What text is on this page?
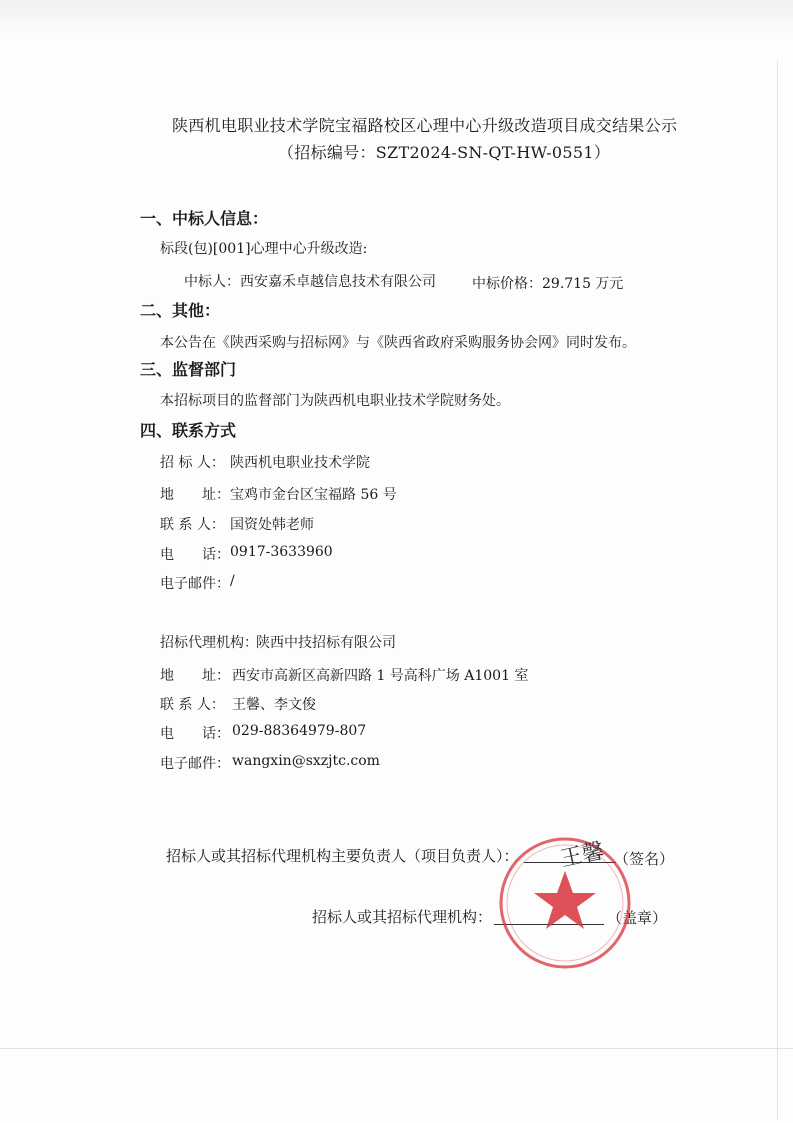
陕西机电职业技术学院宝福路校区心理中心升级改造项目成交结果公示
（招标编号：SZT2024-SN-QT-HW-0551）
一、中标人信息：
标段(包)[001]心理中心升级改造:
中标人： 西安嘉禾卓越信息技术有限公司	中标价格： 29.715 万元
二、其他：
本公告在《陕西采购与招标网》与《陕西省政府采购服务协会网》同时发布。
三、监督部门
本招标项目的监督部门为陕西机电职业技术学院财务处。
四、联系方式
招 标 人： 陕西机电职业技术学院
地　　址： 宝鸡市金台区宝福路 56 号
联 系 人： 国资处韩老师
电　　话： 0917-3633960
电子邮件： /
招标代理机构：
陕西中技招标有限公司
地　　址： 西安市高新区高新四路 1 号高科广场 A1001 室
联 系 人： 王馨、李文俊
电　　话： 029-88364979-807
电子邮件： wangxin@sxzjtc.com
招标人或其招标代理机构主要负责人（项目负责人）：	（签名）
招标人或其招标代理机构：	（盖章）
王馨
